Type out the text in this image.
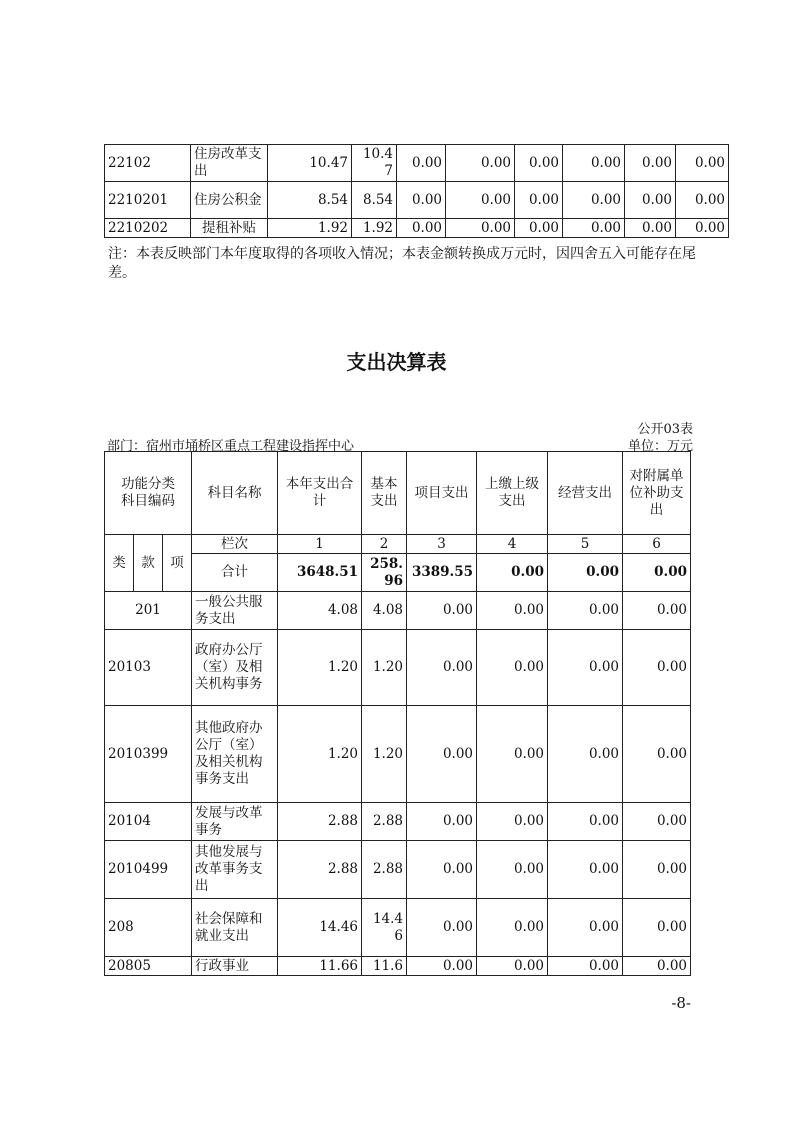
22102	住房改革支出	10.47	10.47	0.00	0.00	0.00	0.00	0.00	0.00
2210201	住房公积金	8.54	8.54	0.00	0.00	0.00	0.00	0.00	0.00
2210202	提租补贴	1.92	1.92	0.00	0.00	0.00	0.00	0.00	0.00
注：本表反映部门本年度取得的各项收入情况；本表金额转换成万元时，因四舍五入可能存在尾差。
支出决算表
公开03表
部门：宿州市埇桥区重点工程建设指挥中心	单位：万元
功能分类科目编码			科目名称	本年支出合计	基本支出	项目支出	上缴上级支出	经营支出	对附属单位补助支出
类	款	项	栏次	1	2	3	4	5	6
			合计	3648.51	258.96	3389.55	0.00	0.00	0.00
201			一般公共服务支出	4.08	4.08	0.00	0.00	0.00	0.00
20103			政府办公厅（室）及相关机构事务	1.20	1.20	0.00	0.00	0.00	0.00
2010399			其他政府办公厅（室）及相关机构事务支出	1.20	1.20	0.00	0.00	0.00	0.00
20104			发展与改革事务	2.88	2.88	0.00	0.00	0.00	0.00
2010499			其他发展与改革事务支出	2.88	2.88	0.00	0.00	0.00	0.00
208			社会保障和就业支出	14.46	14.46	0.00	0.00	0.00	0.00
20805			行政事业	11.66	11.6	0.00	0.00	0.00	0.00
-8-
